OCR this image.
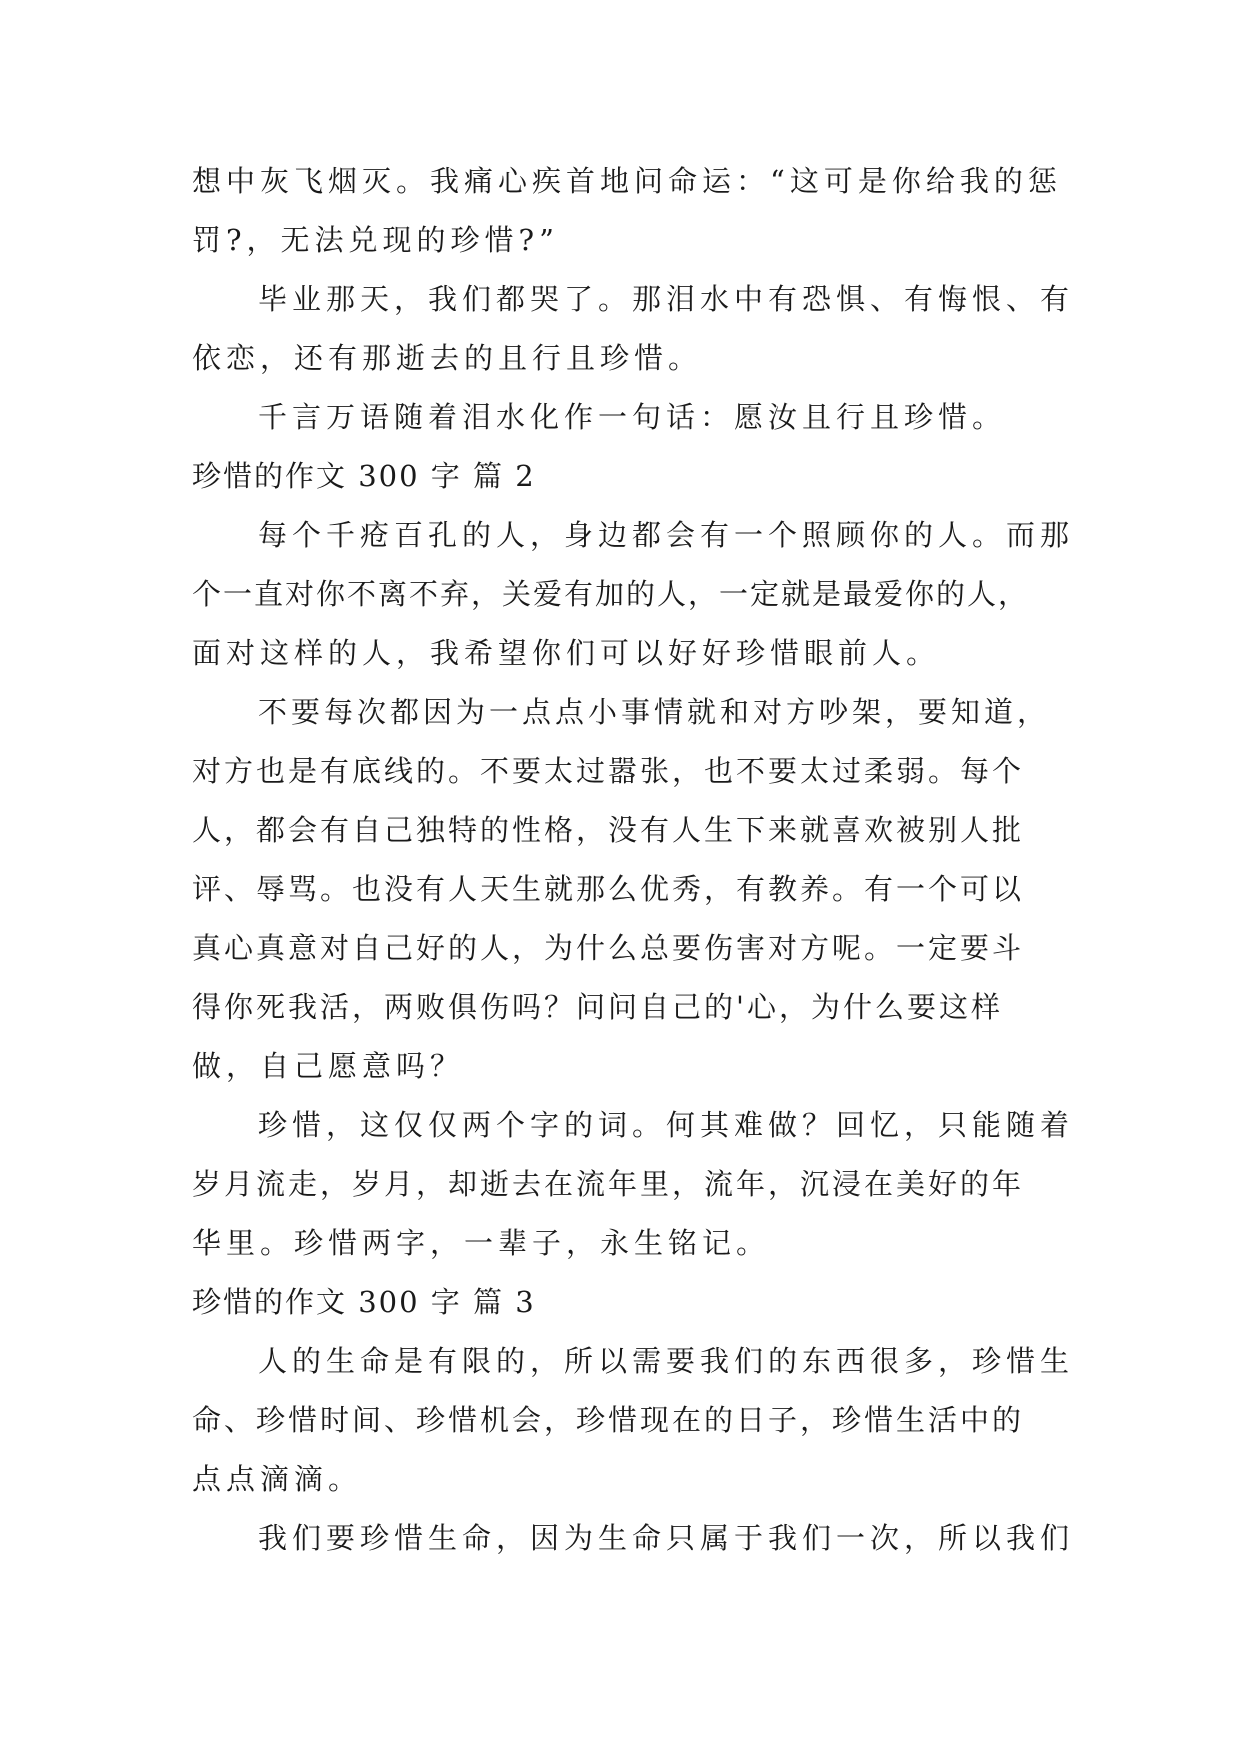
想中灰飞烟灭。我痛心疾首地问命运：“这可是你给我的惩
罚?，无法兑现的珍惜?”
毕业那天，我们都哭了。那泪水中有恐惧、有悔恨、有
依恋，还有那逝去的且行且珍惜。
千言万语随着泪水化作一句话：愿汝且行且珍惜。
珍惜的作文 300 字 篇 2
每个千疮百孔的人，身边都会有一个照顾你的人。而那
个一直对你不离不弃，关爱有加的人，一定就是最爱你的人，
面对这样的人，我希望你们可以好好珍惜眼前人。
不要每次都因为一点点小事情就和对方吵架，要知道，
对方也是有底线的。不要太过嚣张，也不要太过柔弱。每个
人，都会有自己独特的性格，没有人生下来就喜欢被别人批
评、辱骂。也没有人天生就那么优秀，有教养。有一个可以
真心真意对自己好的人，为什么总要伤害对方呢。一定要斗
得你死我活，两败俱伤吗？问问自己的'心，为什么要这样
做，自己愿意吗？
珍惜，这仅仅两个字的词。何其难做？回忆，只能随着
岁月流走，岁月，却逝去在流年里，流年，沉浸在美好的年
华里。珍惜两字，一辈子，永生铭记。
珍惜的作文 300 字 篇 3
人的生命是有限的，所以需要我们的东西很多，珍惜生
命、珍惜时间、珍惜机会，珍惜现在的日子，珍惜生活中的
点点滴滴。
我们要珍惜生命，因为生命只属于我们一次，所以我们
